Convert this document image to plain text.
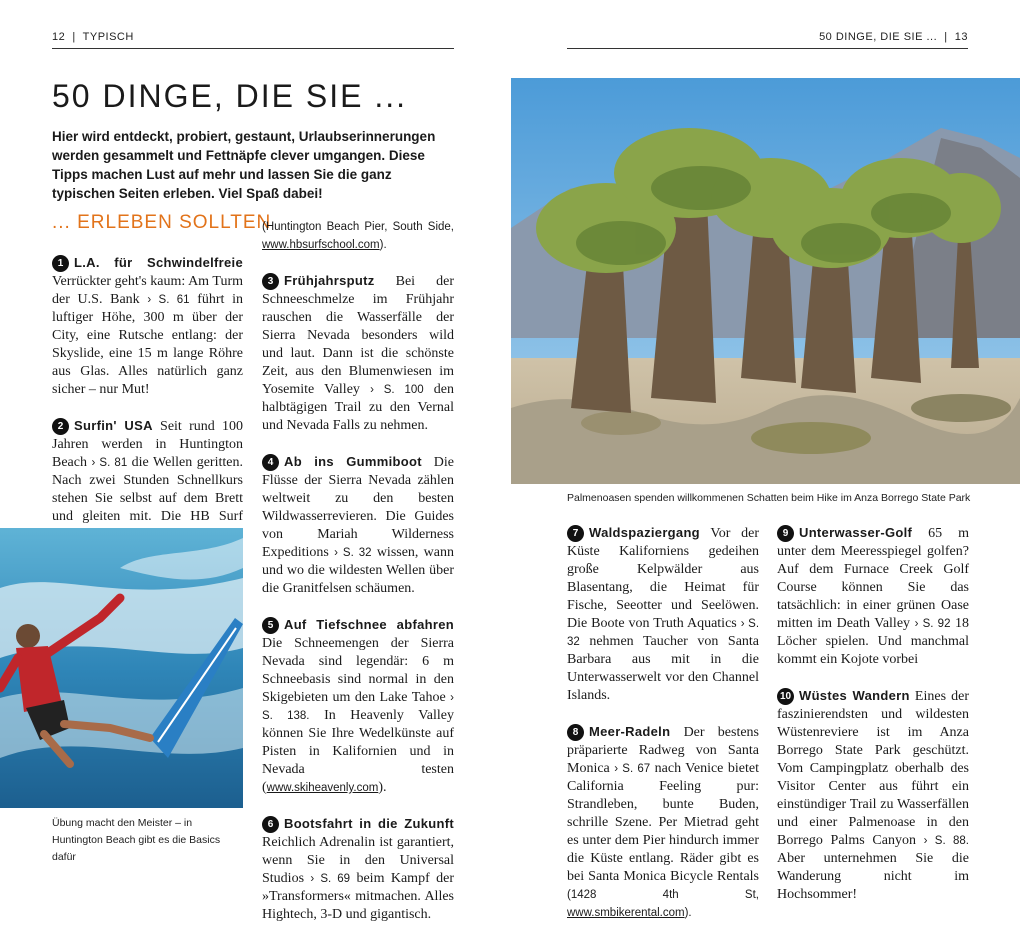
12  |  TYPISCH	50 DINGE, DIE SIE ...  |  13
50 DINGE, DIE SIE ...
Hier wird entdeckt, probiert, gestaunt, Urlaubserinnerungen werden gesammelt und Fettnäpfe clever umgangen. Diese Tipps machen Lust auf mehr und lassen Sie die ganz typischen Seiten erleben. Viel Spaß dabei!
... ERLEBEN SOLLTEN

1 L.A. für Schwindelfreie Verrückter geht's kaum: Am Turm der U.S. Bank › S. 61 führt in luftiger Höhe, 300 m über der City, eine Rutsche entlang: der Skyslide, eine 15 m lange Röhre aus Glas. Alles natürlich ganz sicher – nur Mut!

2 Surfin' USA Seit rund 100 Jahren werden in Huntington Beach › S. 81 die Wellen geritten. Nach zwei Stunden Schnellkurs stehen Sie selbst auf dem Brett und gleiten mit. Die HB Surf

Übung macht den Meister – in Huntington Beach gibt es die Basics dafür

(Huntington Beach Pier, South Side, www.hbsurfschool.com).

3 Frühjahrsputz Bei der Schneeschmelze im Frühjahr rauschen die Wasserfälle der Sierra Nevada besonders wild und laut. Dann ist die schönste Zeit, aus den Blumenwiesen im Yosemite Valley › S. 100 den halbtägigen Trail zu den Vernal und Nevada Falls zu nehmen.

4 Ab ins Gummiboot Die Flüsse der Sierra Nevada zählen weltweit zu den besten Wildwasserrevieren. Die Guides von Mariah Wilderness Expeditions › S. 32 wissen, wann und wo die wildesten Wellen über die Granitfelsen schäumen.

5 Auf Tiefschnee abfahren Die Schneemengen der Sierra Nevada sind legendär: 6 m Schneebasis sind normal in den Skigebieten um den Lake Tahoe › S. 138. In Heavenly Valley können Sie Ihre Wedelkünste auf Pisten in Kalifornien und in Nevada testen (www.skiheavenly.com).

6 Bootsfahrt in die Zukunft Reichlich Adrenalin ist garantiert, wenn Sie in den Universal Studios › S. 69 beim Kampf der »Transformers« mitmachen. Alles Hightech, 3-D und gigantisch.

Palmenoasen spenden willkommenen Schatten beim Hike im Anza Borrego State Park

7 Waldspaziergang Vor der Küste Kaliforniens gedeihen große Kelpwälder aus Blasentang, die Heimat für Fische, Seeotter und Seelöwen. Die Boote von Truth Aquatics › S. 32 nehmen Taucher von Santa Barbara aus mit in die Unterwasserwelt vor den Channel Islands.

8 Meer-Radeln Der bestens präparierte Radweg von Santa Monica › S. 67 nach Venice bietet California Feeling pur: Strandleben, bunte Buden, schrille Szene. Per Mietrad geht es unter dem Pier hindurch immer die Küste entlang. Räder gibt es bei Santa Monica Bicycle Rentals (1428 4th St, www.smbikerental.com).

9 Unterwasser-Golf 65 m unter dem Meeresspiegel golfen? Auf dem Furnace Creek Golf Course können Sie das tatsächlich: in einer grünen Oase mitten im Death Valley › S. 92 18 Löcher spielen. Und manchmal kommt ein Kojote vorbei

10 Wüstes Wandern Eines der faszinierendsten und wildesten Wüstenreviere ist im Anza Borrego State Park geschützt. Vom Campingplatz oberhalb des Visitor Center aus führt ein einstündiger Trail zu Wasserfällen und einer Palmenoase in den Borrego Palms Canyon › S. 88. Aber unternehmen Sie die Wanderung nicht im Hochsommer!
